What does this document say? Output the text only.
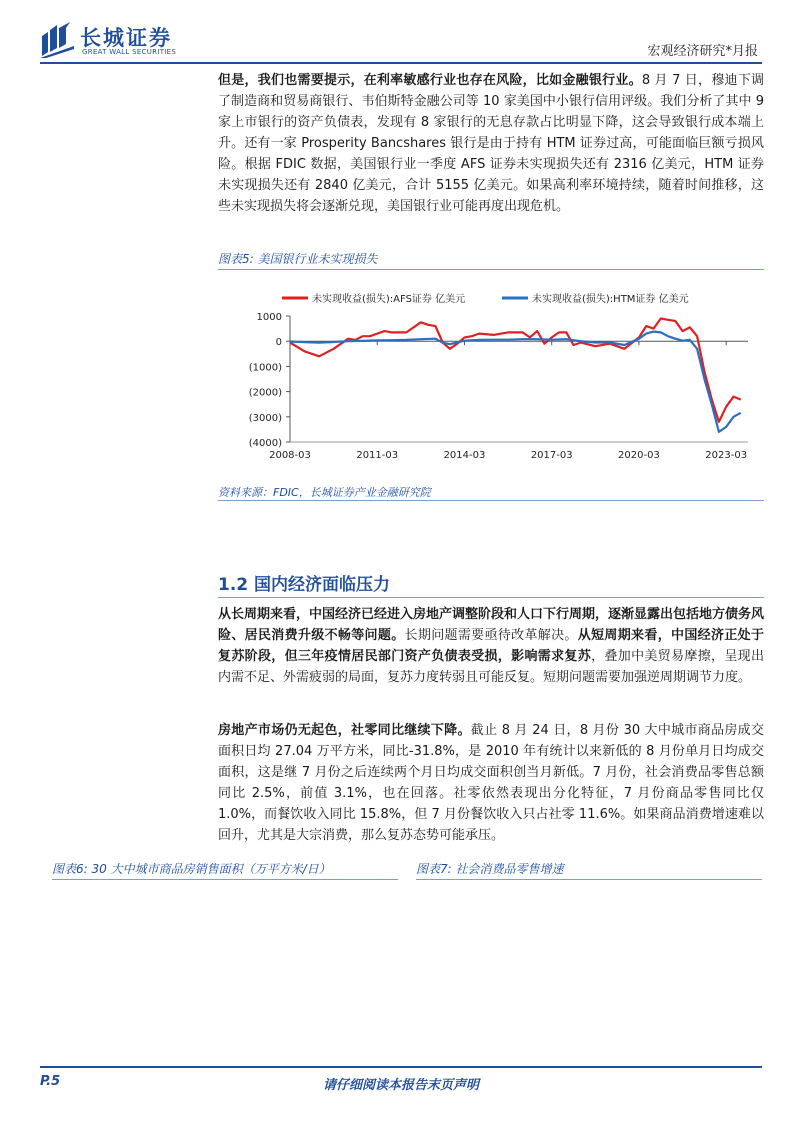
长城证券
GREAT WALL SECURITIES	宏观经济研究*月报

但是，我们也需要提示，在利率敏感行业也存在风险，比如金融银行业。8 月 7 日，穆迪下调了制造商和贸易商银行、韦伯斯特金融公司等 10 家美国中小银行信用评级。我们分析了其中 9 家上市银行的资产负债表，发现有 8 家银行的无息存款占比明显下降，这会导致银行成本端上升。还有一家 Prosperity Bancshares 银行是由于持有 HTM 证券过高，可能面临巨额亏损风险。根据 FDIC 数据，美国银行业一季度 AFS 证券未实现损失还有 2316 亿美元，HTM 证券未实现损失还有 2840 亿美元，合计 5155 亿美元。如果高利率环境持续，随着时间推移，这些未实现损失将会逐渐兑现，美国银行业可能再度出现危机。

图表5: 美国银行业未实现损失
未实现收益(损失):AFS证券 亿美元	未实现收益(损失):HTM证券 亿美元
1000
0
(1000)
(2000)
(3000)
(4000)
2008-03	2011-03	2014-03	2017-03	2020-03	2023-03
资料来源：FDIC，长城证券产业金融研究院
1.2 国内经济面临压力

从长周期来看，中国经济已经进入房地产调整阶段和人口下行周期，逐渐显露出包括地方债务风险、居民消费升级不畅等问题。长期问题需要亟待改革解决。从短周期来看，中国经济正处于复苏阶段，但三年疫情居民部门资产负债表受损，影响需求复苏，叠加中美贸易摩擦，呈现出内需不足、外需疲弱的局面，复苏力度转弱且可能反复。短期问题需要加强逆周期调节力度。

房地产市场仍无起色，社零同比继续下降。截止 8 月 24 日，8 月份 30 大中城市商品房成交面积日均 27.04 万平方米，同比-31.8%，是 2010 年有统计以来新低的 8 月份单月日均成交面积，这是继 7 月份之后连续两个月日均成交面积创当月新低。7 月份，社会消费品零售总额同比 2.5%，前值 3.1%，也在回落。社零依然表现出分化特征，7 月份商品零售同比仅 1.0%，而餐饮收入同比 15.8%，但 7 月份餐饮收入只占社零 11.6%。如果商品消费增速难以回升，尤其是大宗消费，那么复苏态势可能承压。

图表6: 30 大中城市商品房销售面积（万平方米/日）	图表7: 社会消费品零售增速
请仔细阅读本报告末页声明
P.5
